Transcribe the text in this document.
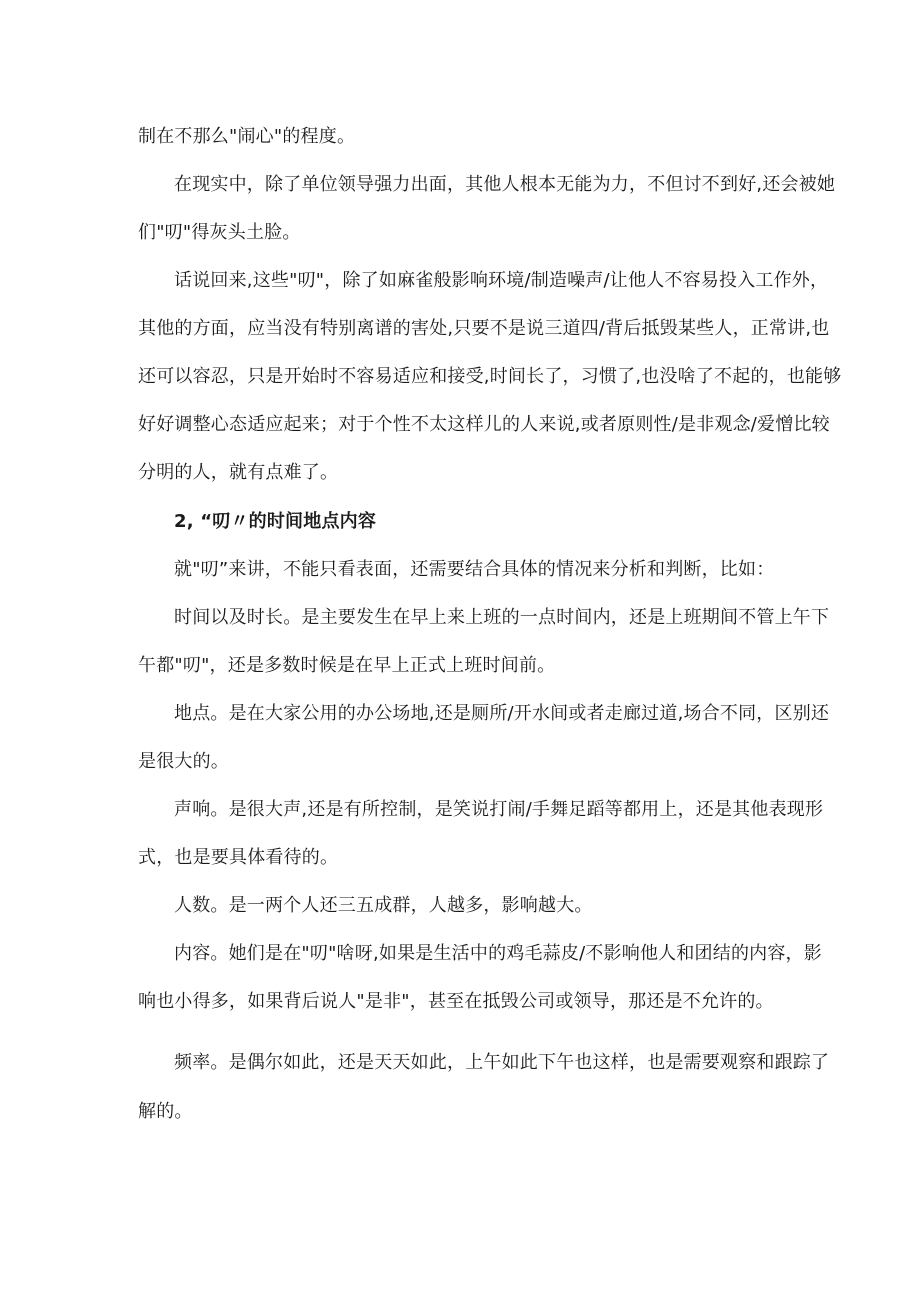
制在不那么"闹心"的程度。
在现实中，除了单位领导强力出面，其他人根本无能为力，不但讨不到好,还会被她
们"叨"得灰头土脸。
话说回来,这些"叨"，除了如麻雀般影响环境/制造噪声/让他人不容易投入工作外，
其他的方面，应当没有特别离谱的害处,只要不是说三道四/背后抵毁某些人，正常讲,也
还可以容忍，只是开始时不容易适应和接受,时间长了，习惯了,也没啥了不起的，也能够
好好调整心态适应起来；对于个性不太这样儿的人来说,或者原则性/是非观念/爱憎比较
分明的人，就有点难了。
2, “叨〃的时间地点内容
就"叨”来讲，不能只看表面，还需要结合具体的情况来分析和判断，比如：
时间以及时长。是主要发生在早上来上班的一点时间内，还是上班期间不管上午下
午都"叨"，还是多数时候是在早上正式上班时间前。
地点。是在大家公用的办公场地,还是厕所/开水间或者走廊过道,场合不同，区别还
是很大的。
声响。是很大声,还是有所控制，是笑说打闹/手舞足蹈等都用上，还是其他表现形
式，也是要具体看待的。
人数。是一两个人还三五成群，人越多，影响越大。
内容。她们是在"叨"啥呀,如果是生活中的鸡毛蒜皮/不影响他人和团结的内容，影
响也小得多，如果背后说人"是非"，甚至在抵毁公司或领导，那还是不允许的。
频率。是偶尔如此，还是天天如此，上午如此下午也这样，也是需要观察和跟踪了
解的。
